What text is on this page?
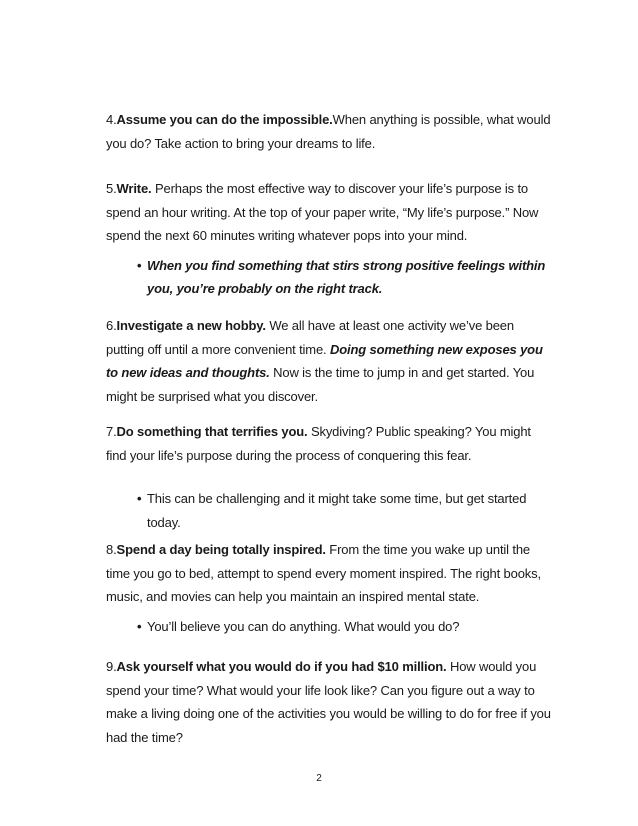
4.Assume you can do the impossible.When anything is possible, what would you do? Take action to bring your dreams to life.
5.Write. Perhaps the most effective way to discover your life’s purpose is to spend an hour writing. At the top of your paper write, “My life’s purpose.” Now spend the next 60 minutes writing whatever pops into your mind.
• When you find something that stirs strong positive feelings within you, you’re probably on the right track.
6.Investigate a new hobby. We all have at least one activity we’ve been putting off until a more convenient time. Doing something new exposes you to new ideas and thoughts. Now is the time to jump in and get started. You might be surprised what you discover.
7.Do something that terrifies you. Skydiving? Public speaking? You might find your life’s purpose during the process of conquering this fear.
• This can be challenging and it might take some time, but get started today.
8.Spend a day being totally inspired. From the time you wake up until the time you go to bed, attempt to spend every moment inspired. The right books, music, and movies can help you maintain an inspired mental state.
• You’ll believe you can do anything. What would you do?
9.Ask yourself what you would do if you had $10 million. How would you spend your time? What would your life look like? Can you figure out a way to make a living doing one of the activities you would be willing to do for free if you had the time?
2
